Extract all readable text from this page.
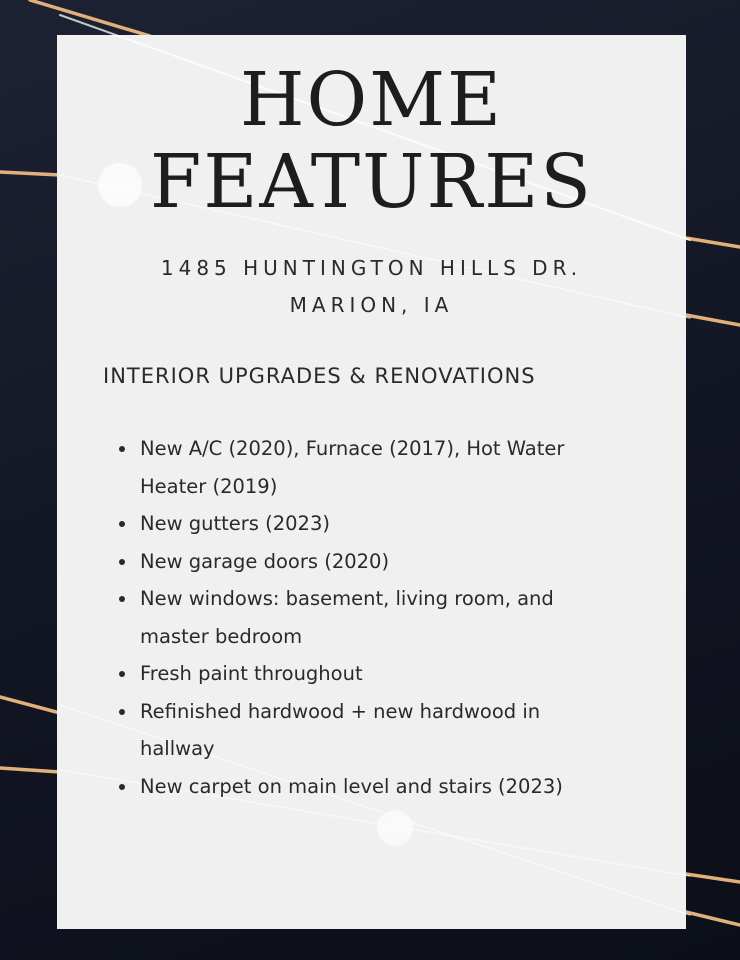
HOME
FEATURES
1485 HUNTINGTON HILLS DR.
MARION, IA
INTERIOR UPGRADES & RENOVATIONS
New A/C (2020), Furnace (2017), Hot Water Heater (2019)
New gutters (2023)
New garage doors (2020)
New windows: basement, living room, and master bedroom
Fresh paint throughout
Refinished hardwood + new hardwood in hallway
New carpet on main level and stairs (2023)
